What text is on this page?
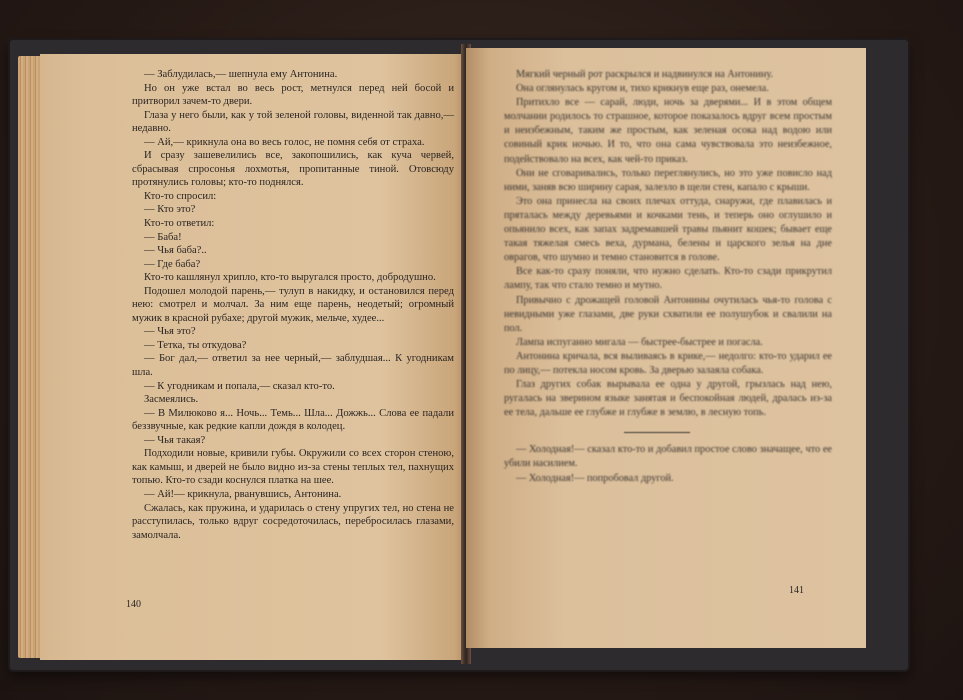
— Заблудилась,— шепнула ему Антонина.

Но он уже встал во весь рост, метнулся перед ней босой и притворил зачем-то двери.

Глаза у него были, как у той зеленой головы, виденной так давно,— недавно.

— Ай,— крикнула она во весь голос, не помня себя от страха.

И сразу зашевелились все, закопошились, как куча червей, сбрасывая спросонья лохмотья, пропитанные тиной. Отовсюду протянулись головы; кто-то поднялся.

Кто-то спросил:

— Кто это?

Кто-то ответил:

— Баба!

— Чья баба?..

— Где баба?

Кто-то кашлянул хрипло, кто-то выругался просто, добродушно.

Подошел молодой парень,— тулуп в накидку, и остановился перед нею: смотрел и молчал. За ним еще парень, неодетый; огромный мужик в красной рубахе; другой мужик, мельче, худее...

— Чья это?

— Тетка, ты откудова?

— Бог дал,— ответил за нее черный,— заблудшая... К угодникам шла.

— К угодникам и попала,— сказал кто-то.

Засмеялись.

— В Милюково я... Ночь... Темь... Шла... Дожжь... Слова ее падали беззвучные, как редкие капли дождя в колодец.

— Чья такая?

Подходили новые, кривили губы. Окружили со всех сторон стеною, как камыш, и дверей не было видно из-за стены теплых тел, пахнущих топью. Кто-то сзади коснулся платка на шее.

— Ай!— крикнула, рванувшись, Антонина.

Сжалась, как пружина, и ударилась о стену упругих тел, но стена не расступилась, только вдруг сосредоточилась, перебросилась глазами, замолчала.

140

Мягкий черный рот раскрылся и надвинулся на Антонину.

Она оглянулась кругом и, тихо крикнув еще раз, онемела.

Притихло все — сарай, люди, ночь за дверями... И в этом общем молчании родилось то страшное, которое показалось вдруг всем простым и неизбежным, таким же простым, как зеленая осока над водою или совиный крик ночью. И то, что она сама чувствовала это неизбежное, подействовало на всех, как чей-то приказ.

Они не сговаривались, только переглянулись, но это уже повисло над ними, заняв всю ширину сарая, залезло в щели стен, капало с крыши.

Это она принесла на своих плечах оттуда, снаружи, где плавилась и пряталась между деревьями и кочками тень, и теперь оно оглушило и опьянило всех, как запах задремавшей травы пьянит кошек; бывает еще такая тяжелая смесь веха, дурмана, белены и царского зелья на дне оврагов, что шумно и темно становится в голове.

Все как-то сразу поняли, что нужно сделать. Кто-то сзади прикрутил лампу, так что стало темно и мутно.

Привычно с дрожащей головой Антонины очутилась чья-то голова с невидными уже глазами, две руки схватили ее полушубок и свалили на пол.

Лампа испуганно мигала — быстрее-быстрее и погасла.

Антонина кричала, вся выливаясь в крике,— недолго: кто-то ударил ее по лицу,— потекла носом кровь. За дверью залаяла собака.

Глаз других собак вырывала ее одна у другой, грызлась над нею, ругалась на зверином языке занятая и беспокойная людей, дралась из-за ее тела, дальше ее глубже и глубже в землю, в лесную топь.

— Холодная!— сказал кто-то и добавил простое слово значащее, что ее убили насилием.

— Холодная!— попробовал другой.

141
